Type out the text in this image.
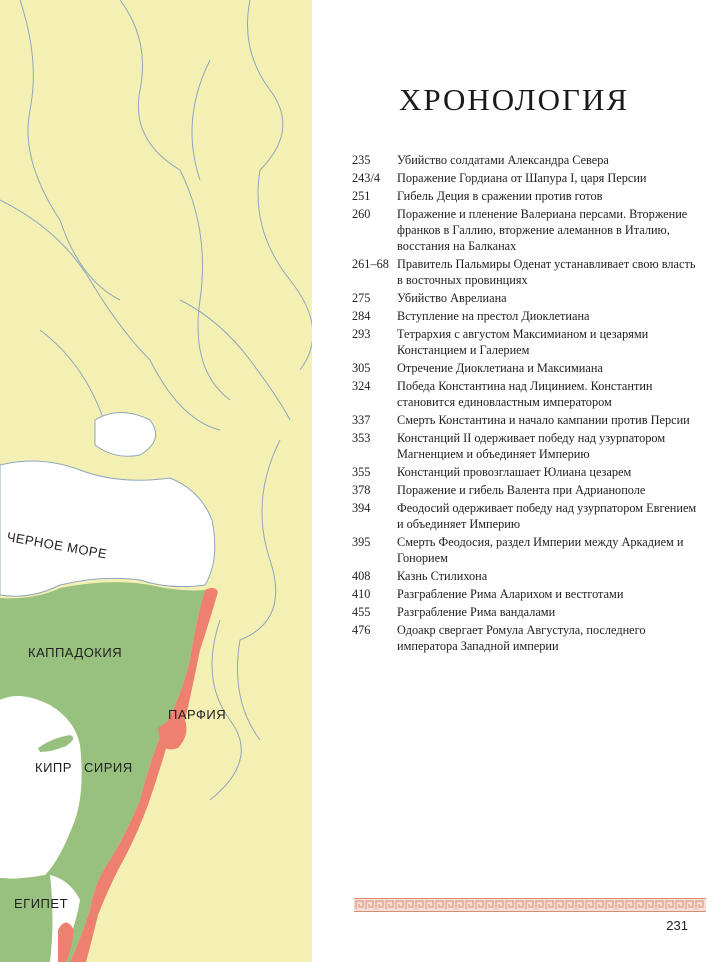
ЧЕРНОЕ МОРЕ
КАППАДОКИЯ
ПАРФИЯ
КИПР СИРИЯ
ЕГИПЕТ
ХРОНОЛОГИЯ
235	Убийство солдатами Александра Севера
243/4	Поражение Гордиана от Шапура I, царя Персии
251	Гибель Деция в сражении против готов
260	Поражение и пленение Валериана персами. Вторжение франков в Галлию, вторжение алеманнов в Италию, восстания на Балканах
261–68 Правитель Пальмиры Оденат устанавливает свою власть в восточных провинциях
275	Убийство Аврелиана
284	Вступление на престол Диоклетиана
293	Тетрархия с августом Максимианом и цезарями Констанцием и Галерием
305	Отречение Диоклетиана и Максимиана
324	Победа Константина над Лицинием. Константин становится единовластным императором
337	Смерть Константина и начало кампании против Персии
353	Констанций II одерживает победу над узурпатором Магненцием и объединяет Империю
355	Констанций провозглашает Юлиана цезарем
378	Поражение и гибель Валента при Адрианополе
394	Феодосий одерживает победу над узурпатором Евгением и объединяет Империю
395	Смерть Феодосия, раздел Империи между Аркадием и Гонорием
408	Казнь Стилихона
410	Разграбление Рима Аларихом и вестготами
455	Разграбление Рима вандалами
476	Одоакр свергает Ромула Августула, последнего императора Западной империи
231
